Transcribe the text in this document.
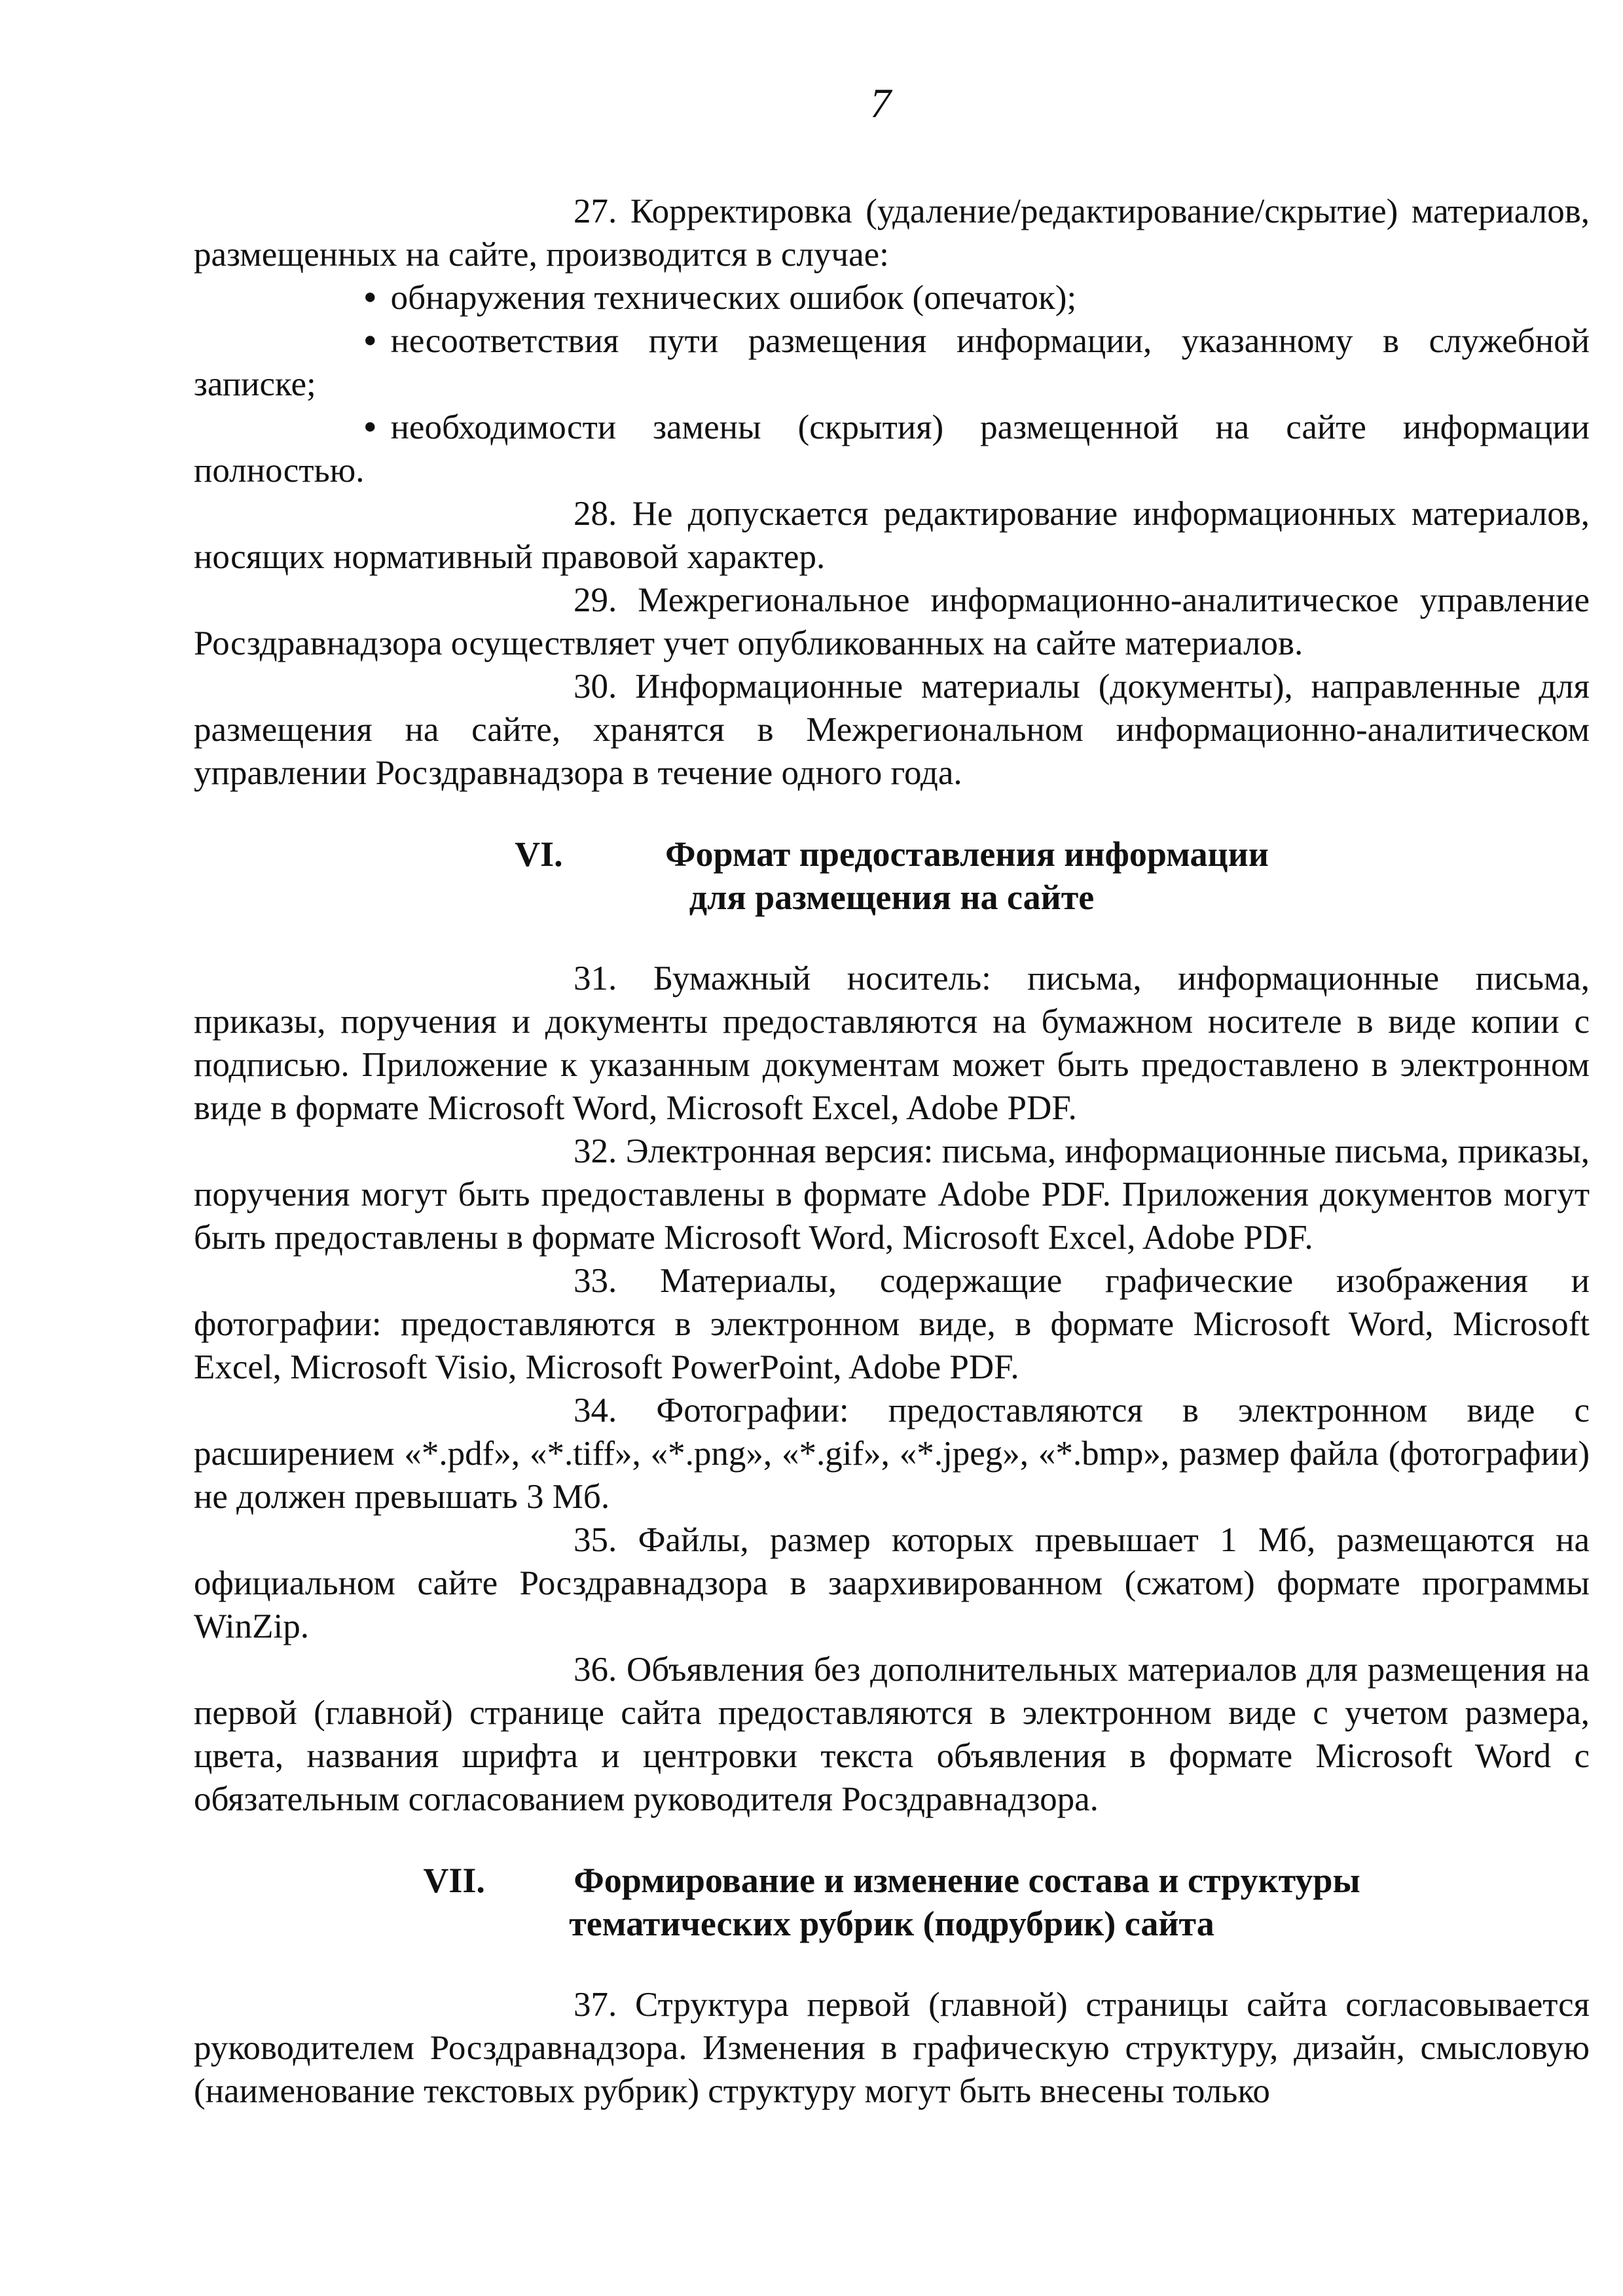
7

27. Корректировка (удаление/редактирование/скрытие) материалов, размещенных на сайте, производится в случае:

• обнаружения технических ошибок (опечаток);
• несоответствия пути размещения информации, указанному в служебной записке;
• необходимости замены (скрытия) размещенной на сайте информации полностью.

28. Не допускается редактирование информационных материалов, носящих нормативный правовой характер.

29. Межрегиональное информационно-аналитическое управление Росздравнадзора осуществляет учет опубликованных на сайте материалов.

30. Информационные материалы (документы), направленные для размещения на сайте, хранятся в Межрегиональном информационно-аналитическом управлении Росздравнадзора в течение одного года.

VI.	Формат предоставления информации
для размещения на сайте

31. Бумажный носитель: письма, информационные письма, приказы, поручения и документы предоставляются на бумажном носителе в виде копии с подписью. Приложение к указанным документам может быть предоставлено в электронном виде в формате Microsoft Word, Microsoft Excel, Adobe PDF.

32. Электронная версия: письма, информационные письма, приказы, поручения могут быть предоставлены в формате Adobe PDF. Приложения документов могут быть предоставлены в формате Microsoft Word, Microsoft Excel, Adobe PDF.

33. Материалы, содержащие графические изображения и фотографии: предоставляются в электронном виде, в формате Microsoft Word, Microsoft Excel, Microsoft Visio, Microsoft PowerPoint, Adobe PDF.

34. Фотографии: предоставляются в электронном виде с расширением «*.pdf», «*.tiff», «*.png», «*.gif», «*.jpeg», «*.bmp», размер файла (фотографии) не должен превышать 3 Мб.

35. Файлы, размер которых превышает 1 Мб, размещаются на официальном сайте Росздравнадзора в заархивированном (сжатом) формате программы WinZip.

36. Объявления без дополнительных материалов для размещения на первой (главной) странице сайта предоставляются в электронном виде с учетом размера, цвета, названия шрифта и центровки текста объявления в формате Microsoft Word с обязательным согласованием руководителя Росздравнадзора.

VII.	Формирование и изменение состава и структуры
тематических рубрик (подрубрик) сайта

37. Структура первой (главной) страницы сайта согласовывается руководителем Росздравнадзора. Изменения в графическую структуру, дизайн, смысловую (наименование текстовых рубрик) структуру могут быть внесены только
